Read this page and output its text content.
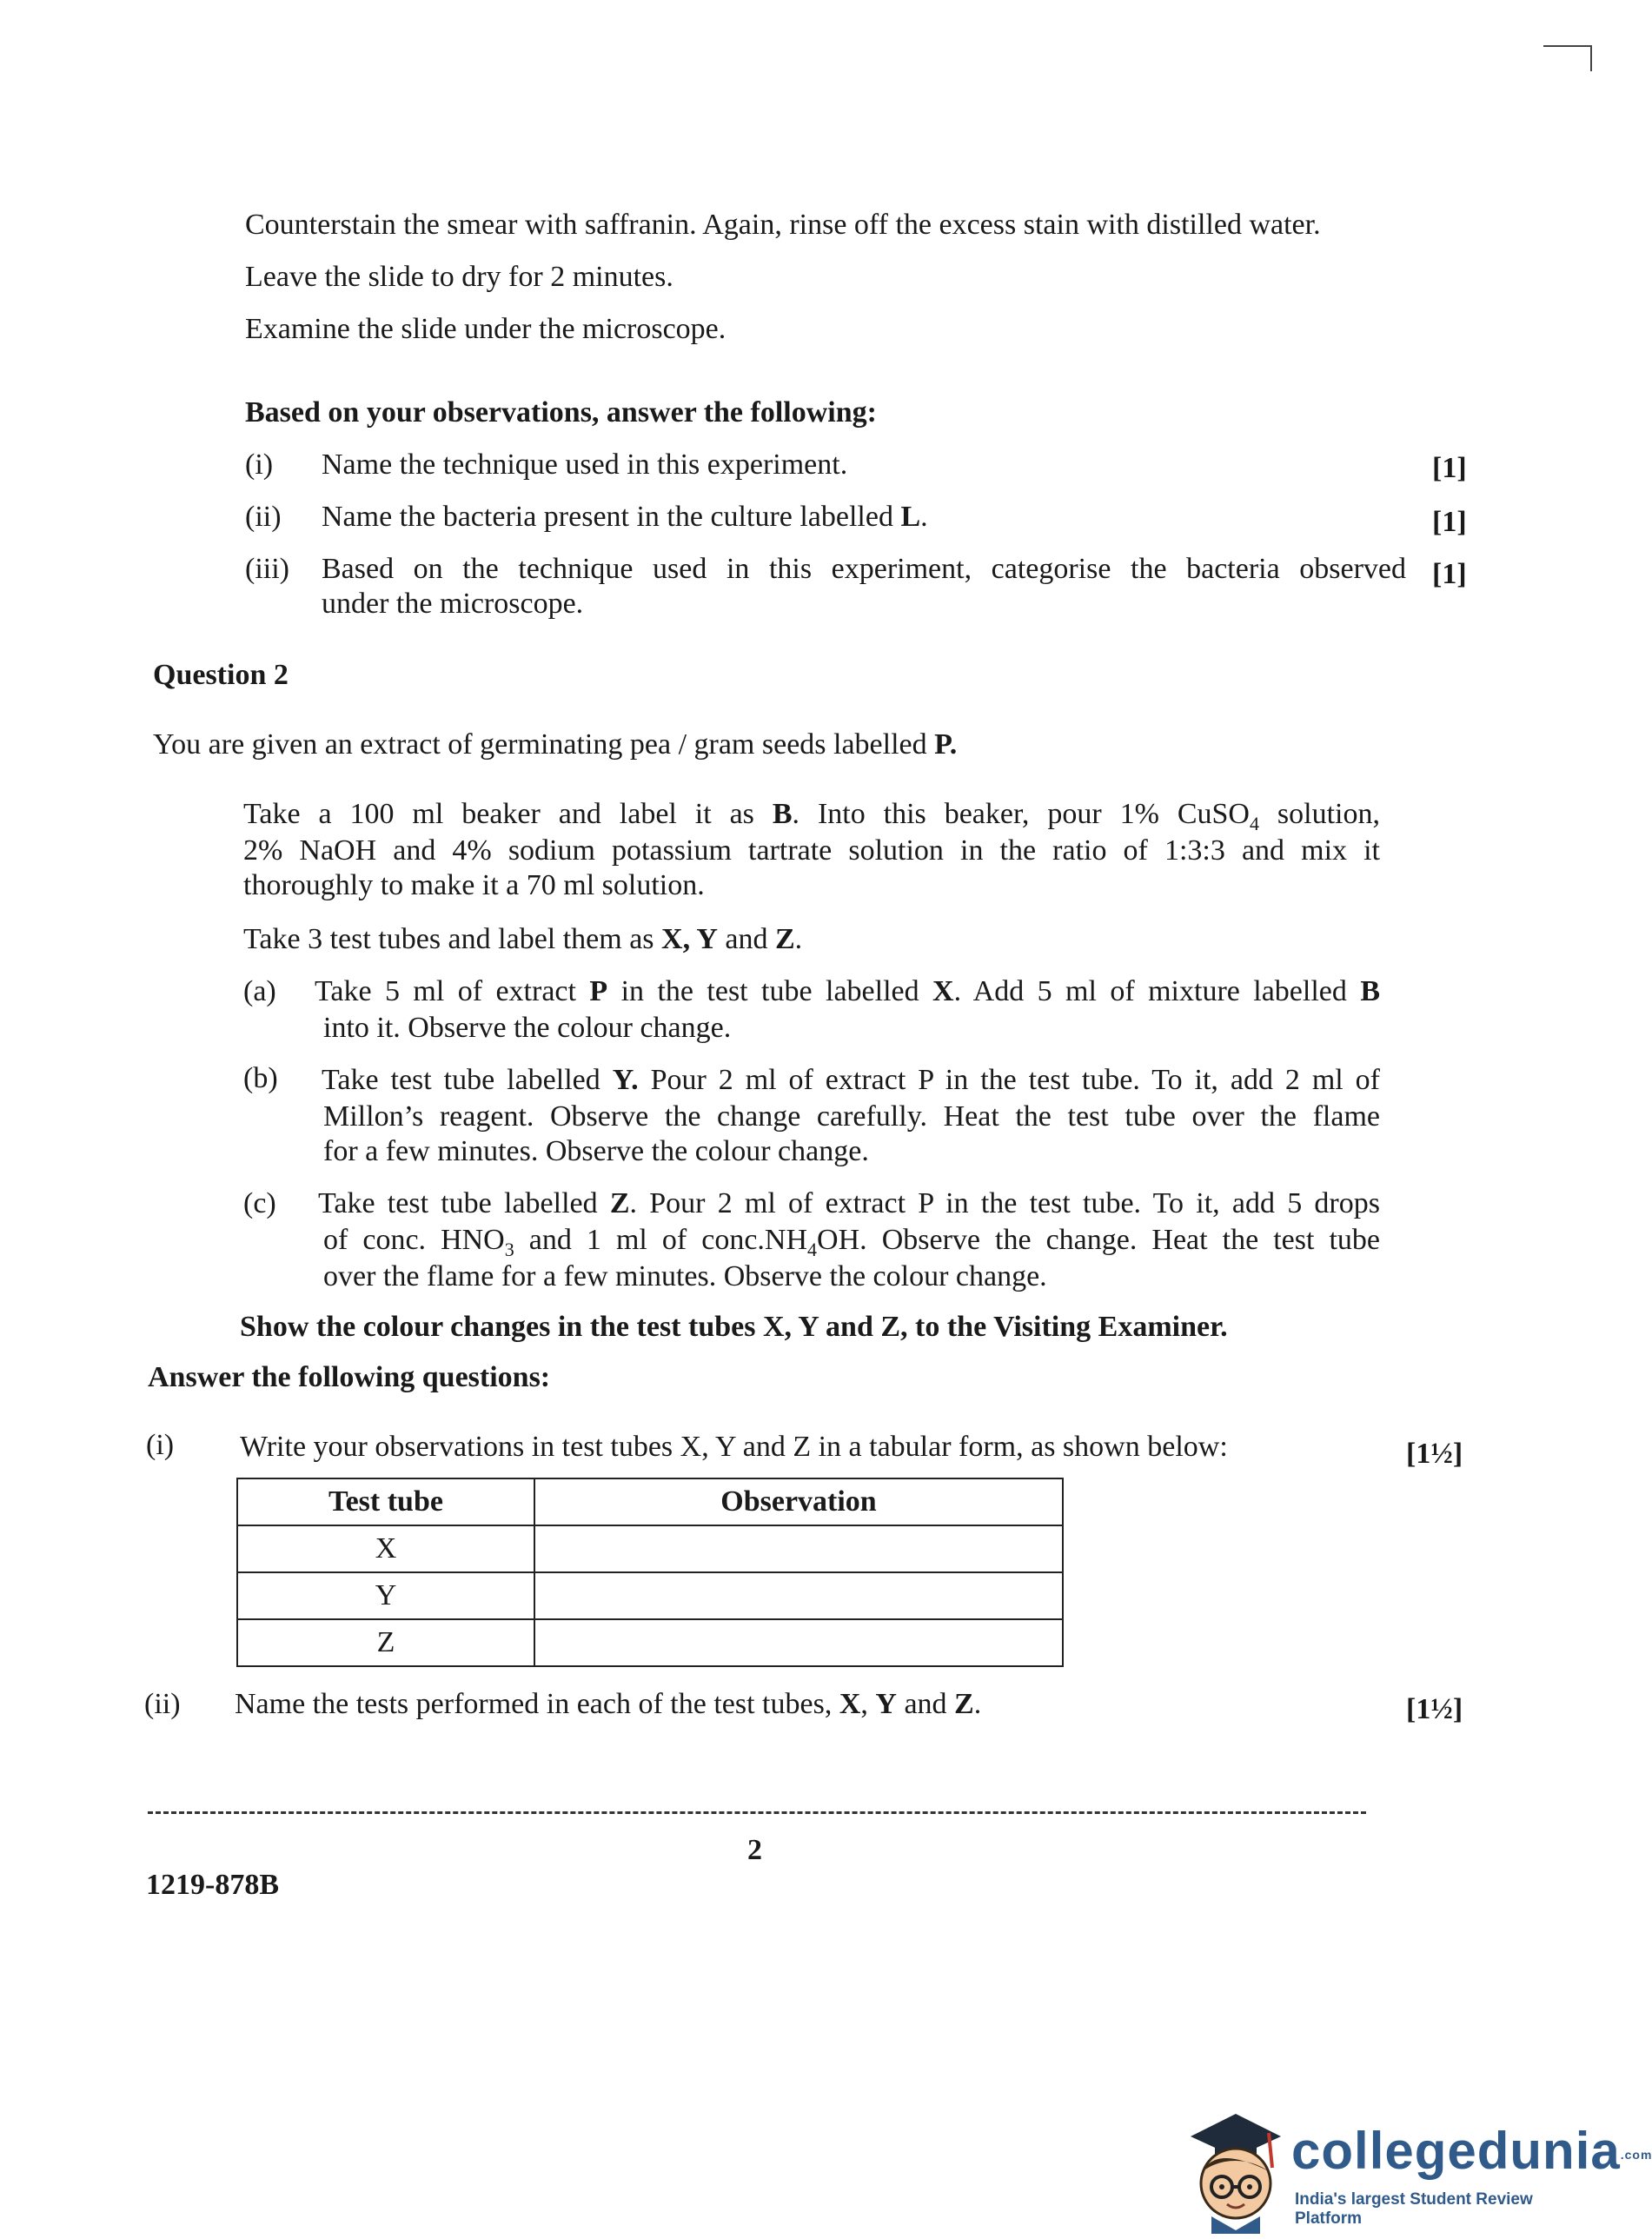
Counterstain the smear with saffranin. Again, rinse off the excess stain with distilled water.
Leave the slide to dry for 2 minutes.
Examine the slide under the microscope.
Based on your observations, answer the following:
(i) Name the technique used in this experiment.	[1]
(ii) Name the bacteria present in the culture labelled L.	[1]
(iii) Based on the technique used in this experiment, categorise the bacteria observed
under the microscope.
[1]
Question 2
You are given an extract of germinating pea / gram seeds labelled P.
Take a 100 ml beaker and label it as B. Into this beaker, pour 1% CuSO$_4$ solution,
2% NaOH and 4% sodium potassium tartrate solution in the ratio of 1:3:3 and mix it
thoroughly to make it a 70 ml solution.
Take 3 test tubes and label them as X, Y and Z.
(a) Take 5 ml of extract P in the test tube labelled X. Add 5 ml of mixture labelled B
into it. Observe the colour change.
(b) Take test tube labelled Y. Pour 2 ml of extract P in the test tube. To it, add 2 ml of
Millon’s reagent. Observe the change carefully. Heat the test tube over the flame
for a few minutes. Observe the colour change.
(c) Take test tube labelled Z. Pour 2 ml of extract P in the test tube. To it, add 5 drops
of conc. $HNO_3$ and 1 ml of $conc.NH_4OH$. Observe the change. Heat the test tube
over the flame for a few minutes. Observe the colour change.
Show the colour changes in the test tubes X, Y and Z, to the Visiting Examiner.
Answer the following questions:
(i) Write your observations in test tubes X, Y and Z in a tabular form, as shown below:	[1½]
Test tube	Observation
X	
Y	
Z	
(ii) Name the tests performed in each of the test tubes, X, Y and Z.	[1½]
2
1219-878B
collegedunia.com
India's largest Student Review Platform
